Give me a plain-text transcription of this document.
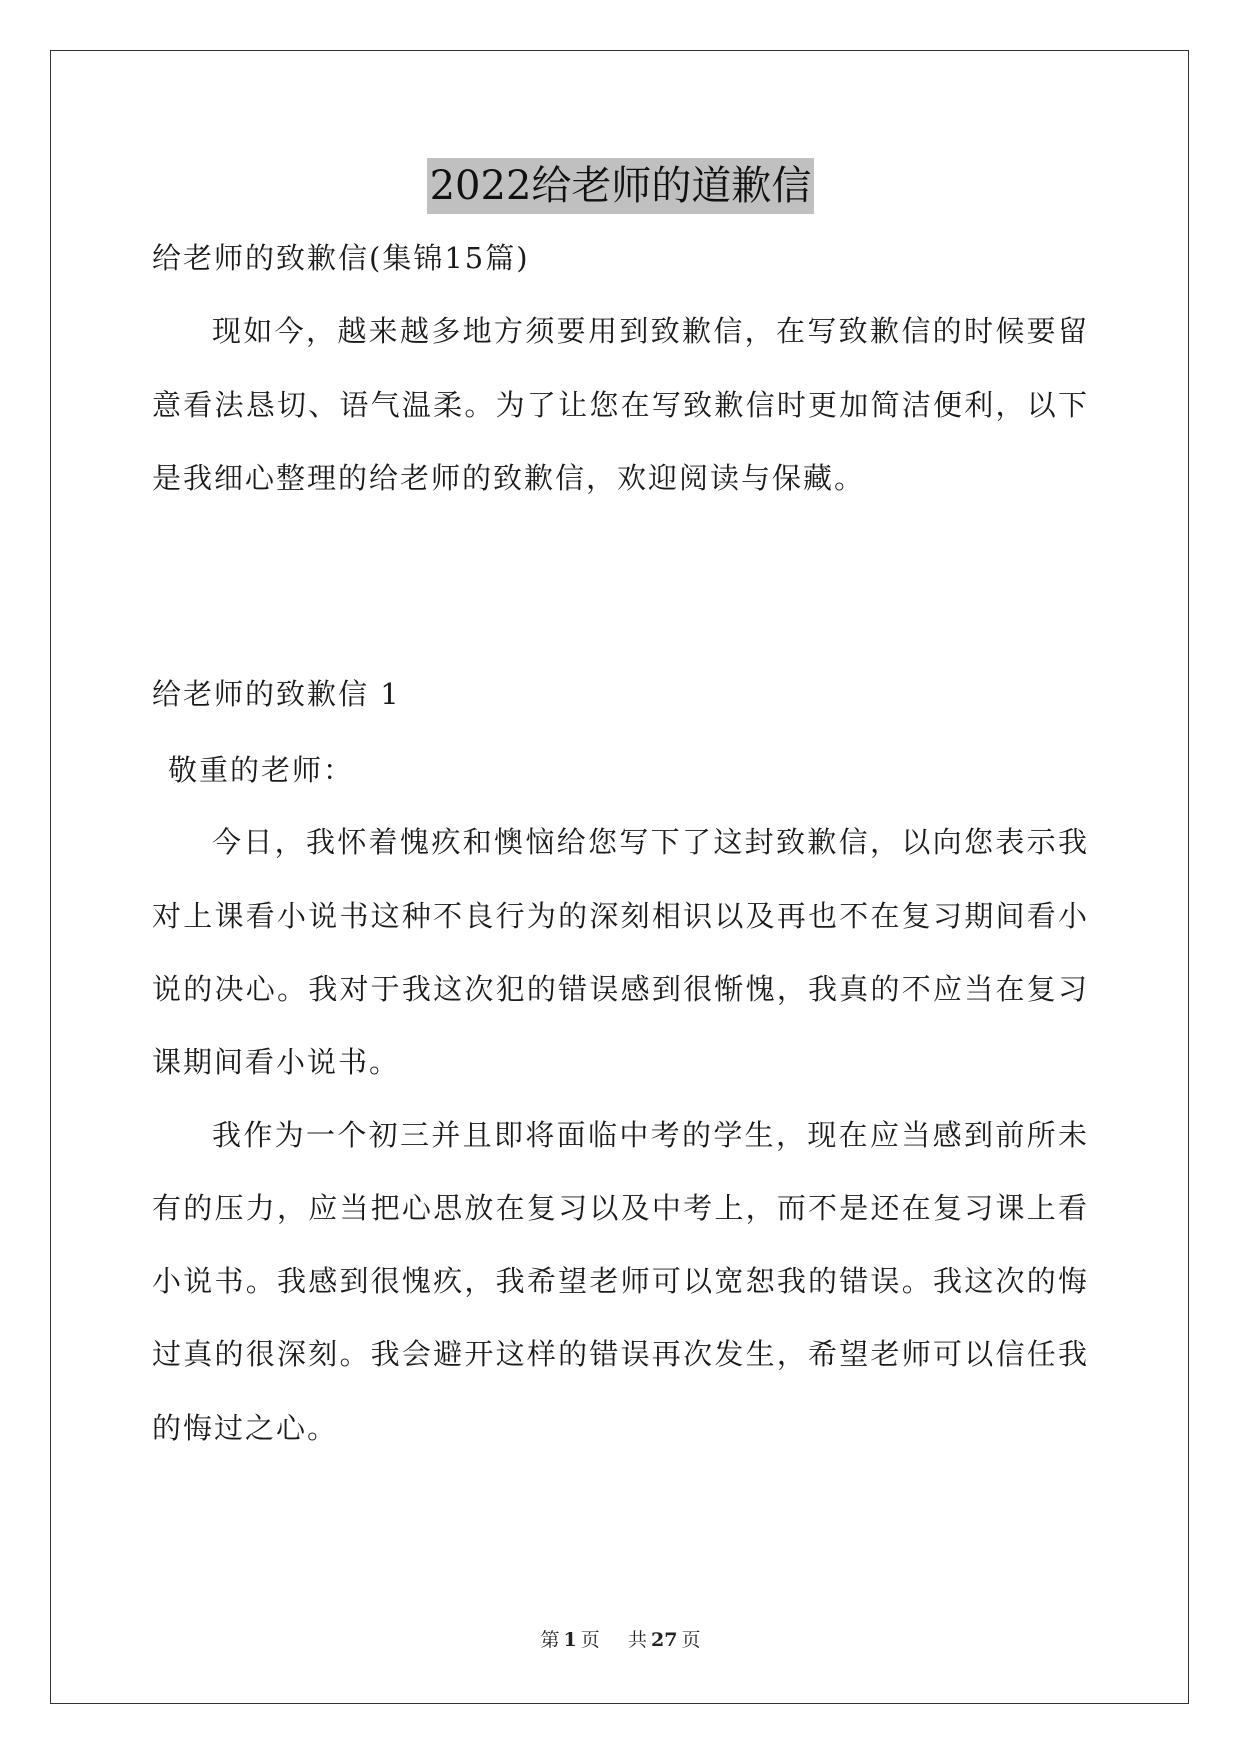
2022给老师的道歉信
给老师的致歉信(集锦15篇)
现如今，越来越多地方须要用到致歉信，在写致歉信的时候要留
意看法恳切、语气温柔。为了让您在写致歉信时更加简洁便利，以下
是我细心整理的给老师的致歉信，欢迎阅读与保藏。
给老师的致歉信 1
敬重的老师：
今日，我怀着愧疚和懊恼给您写下了这封致歉信，以向您表示我
对上课看小说书这种不良行为的深刻相识以及再也不在复习期间看小
说的决心。我对于我这次犯的错误感到很惭愧，我真的不应当在复习
课期间看小说书。
我作为一个初三并且即将面临中考的学生，现在应当感到前所未
有的压力，应当把心思放在复习以及中考上，而不是还在复习课上看
小说书。我感到很愧疚，我希望老师可以宽恕我的错误。我这次的悔
过真的很深刻。我会避开这样的错误再次发生，希望老师可以信任我
的悔过之心。
第 1 页 共 27 页
